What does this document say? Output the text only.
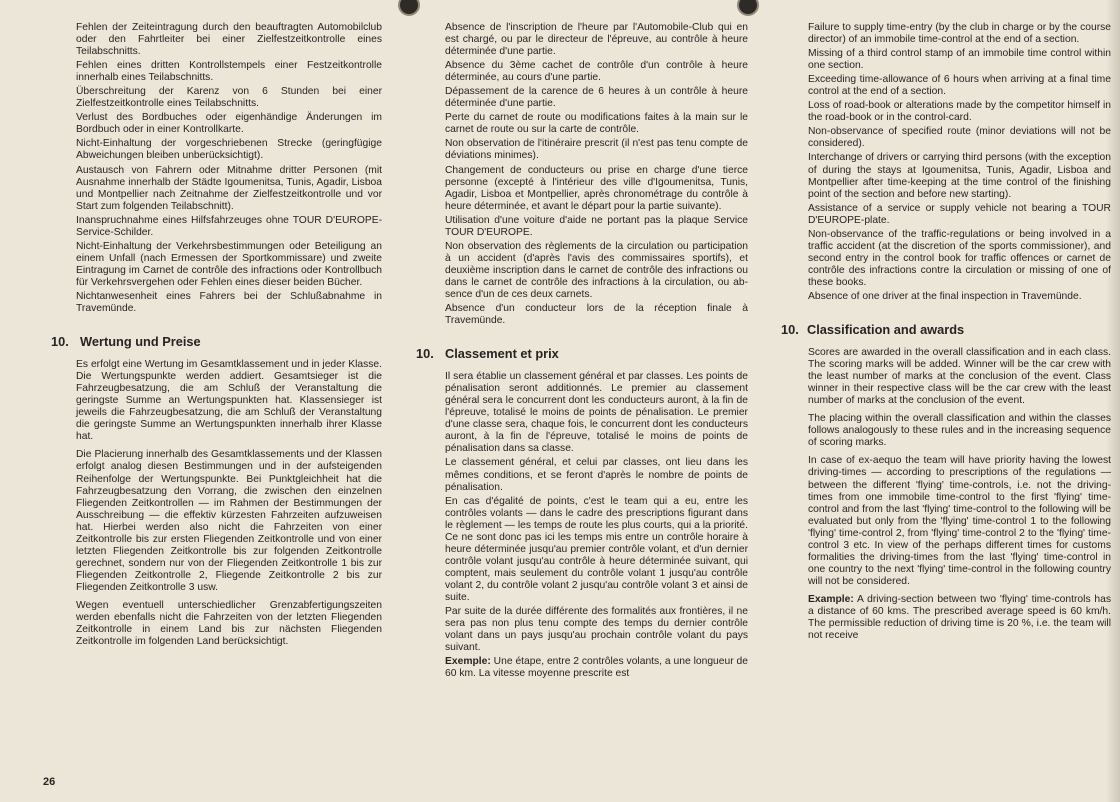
Fehlen der Zeiteintragung durch den beauftragten Automobilclub oder den Fahrtleiter bei einer Zielfestzeitkontrolle eines Teilabschnitts.

Fehlen eines dritten Kontrollstempels einer Festzeitkontrolle innerhalb eines Teilabschnitts.

Überschreitung der Karenz von 6 Stunden bei einer Zielfestzeitkontrolle eines Teilabschnitts.

Verlust des Bordbuches oder eigenhändige Änderungen im Bordbuch oder in einer Kontrollkarte.

Nicht-Einhaltung der vorgeschriebenen Strecke (geringfügige Abweichungen bleiben unberücksichtigt).

Austausch von Fahrern oder Mitnahme dritter Personen (mit Ausnahme innerhalb der Städte Igoumenitsa, Tunis, Agadir, Lisboa und Montpellier nach Zeitnahme der Zielfestzeitkontrolle und vor Start zum folgenden Teilabschnitt).

Inanspruchnahme eines Hilfsfahrzeuges ohne TOUR D'EUROPE-Service-Schilder.

Nicht-Einhaltung der Verkehrsbestimmungen oder Beteiligung an einem Unfall (nach Ermessen der Sportkommissare) und zweite Eintragung im Carnet de contrôle des infractions oder Kontrollbuch für Verkehrsvergehen oder Fehlen eines dieser beiden Bücher.

Nichtanwesenheit eines Fahrers bei der Schlußabnahme in Travemünde.

10. Wertung und Preise

Es erfolgt eine Wertung im Gesamtklassement und in jeder Klasse. Die Wertungspunkte werden addiert. Gesamtsieger ist die Fahrzeugbesatzung, die am Schluß der Veranstaltung die geringste Summe an Wertungspunkten hat. Klassensieger ist jeweils die Fahrzeugbesatzung, die am Schluß der Veranstaltung die geringste Summe an Wertungspunkten innerhalb ihrer Klasse hat.

Die Placierung innerhalb des Gesamtklassements und der Klassen erfolgt analog diesen Bestimmungen und in der aufsteigenden Reihenfolge der Wertungspunkte. Bei Punktgleichheit hat die Fahrzeugbesatzung den Vorrang, die zwischen den einzelnen Fliegenden Zeitkontrollen — im Rahmen der Bestimmungen der Ausschreibung — die effektiv kürzesten Fahrzeiten aufzuweisen hat. Hierbei werden also nicht die Fahrzeiten von einer Zeitkontrolle bis zur ersten Fliegenden Zeitkontrolle und von einer letzten Fliegenden Zeitkontrolle bis zur folgenden Zeitkontrolle gerechnet, sondern nur von der Fliegenden Zeitkontrolle 1 bis zur Fliegenden Zeitkontrolle 2, Fliegende Zeitkontrolle 2 bis zur Fliegenden Zeitkontrolle 3 usw.

Wegen eventuell unterschiedlicher Grenzabfertigungszeiten werden ebenfalls nicht die Fahrzeiten von der letzten Fliegenden Zeitkontrolle in einem Land bis zur nächsten Fliegenden Zeitkontrolle im folgenden Land berücksichtigt.

Absence de l'inscription de l'heure par l'Automobile-Club qui en est chargé, ou par le directeur de l'épreuve, au contrôle à heure déterminée d'une partie.

Absence du 3ème cachet de contrôle d'un contrôle à heure déterminée, au cours d'une partie.

Dépassement de la carence de 6 heures à un contrôle à heure déterminée d'une partie.

Perte du carnet de route ou modifications faites à la main sur le carnet de route ou sur la carte de contrôle.

Non observation de l'itinéraire prescrit (il n'est pas tenu compte de déviations minimes).

Changement de conducteurs ou prise en charge d'une tierce personne (excepté à l'intérieur des ville d'Igoumenitsa, Tunis, Agadir, Lisboa et Montpellier, après chronométrage du contrôle à heure déterminée, et avant le départ pour la partie suivante).

Utilisation d'une voiture d'aide ne portant pas la plaque Service TOUR D'EUROPE.

Non observation des règlements de la circulation ou participation à un accident (d'après l'avis des commissaires sportifs), et deuxième inscription dans le carnet de contrôle des infractions ou dans le carnet de contrôle des infractions à la circulation, ou absence d'un de ces deux carnets.

Absence d'un conducteur lors de la réception finale à Travemünde.

10. Classement et prix

Il sera établie un classement général et par classes. Les points de pénalisation seront additionnés. Le premier au classement général sera le concurrent dont les conducteurs auront, à la fin de l'épreuve, totalisé le moins de points de pénalisation. Le premier d'une classe sera, chaque fois, le concurrent dont les conducteurs auront, à la fin de l'épreuve, totalisé le moins de points de pénalisation dans sa classe.

Le classement général, et celui par classes, ont lieu dans les mêmes conditions, et se feront d'après le nombre de points de pénalisation.

En cas d'égalité de points, c'est le team qui a eu, entre les contrôles volants — dans le cadre des prescriptions figurant dans le règlement — les temps de route les plus courts, qui a la priorité. Ce ne sont donc pas ici les temps mis entre un contrôle horaire à heure déterminée jusqu'au premier contrôle volant, et d'un dernier contrôle volant jusqu'au contrôle à heure déterminée suivant, qui comptent, mais seulement du contrôle volant 1 jusqu'au contrôle volant 2, du contrôle volant 2 jusqu'au contrôle volant 3 et ainsi de suite.

Par suite de la durée différente des formalités aux frontières, il ne sera pas non plus tenu compte des temps du dernier contrôle volant dans un pays jusqu'au prochain contrôle volant du pays suivant.

Exemple: Une étape, entre 2 contrôles volants, a une longueur de 60 km. La vitesse moyenne prescrite est

Failure to supply time-entry (by the club in charge or by the course director) of an immobile time-control at the end of a section.

Missing of a third control stamp of an immobile time control within one section.

Exceeding time-allowance of 6 hours when arriving at a final time control at the end of a section.

Loss of road-book or alterations made by the competitor himself in the road-book or in the control-card.

Non-observance of specified route (minor deviations will not be considered).

Interchange of drivers or carrying third persons (with the exception of during the stays at Igoumenitsa, Tunis, Agadir, Lisboa and Montpellier after time-keeping at the time control of the finishing point of the section and before new starting).

Assistance of a service or supply vehicle not bearing a TOUR D'EUROPE-plate.

Non-observance of the traffic-regulations or being involved in a traffic accident (at the discretion of the sports commissioner), and second entry in the control book for traffic offences or carnet de contrôle des infractions contre la circulation or missing of one of these books.

Absence of one driver at the final inspection in Travemünde.

10. Classification and awards

Scores are awarded in the overall classification and in each class. The scoring marks will be added. Winner will be the car crew with the least number of marks at the conclusion of the event. Class winner in their respective class will be the car crew with the least number of marks at the conclusion of the event.

The placing within the overall classification and within the classes follows analogously to these rules and in the increasing sequence of scoring marks.

In case of ex-aequo the team will have priority having the lowest driving-times — according to prescriptions of the regulations — between the different 'flying' time-controls, i.e. not the driving-times from one immobile time-control to the first 'flying' time-control and from the last 'flying' time-control to the following will be evaluated but only from the 'flying' time-control 1 to the following 'flying' time-control 2, from 'flying' time-control 2 to the 'flying' time-control 3 etc. In view of the perhaps different times for customs formalities the driving-times from the last 'flying' time-control in one country to the next 'flying' time-control in the following country will not be considered.

Example: A driving-section between two 'flying' time-controls has a distance of 60 kms. The prescribed average speed is 60 km/h. The permissible reduction of driving time is 20 %, i.e. the team will not receive

26
